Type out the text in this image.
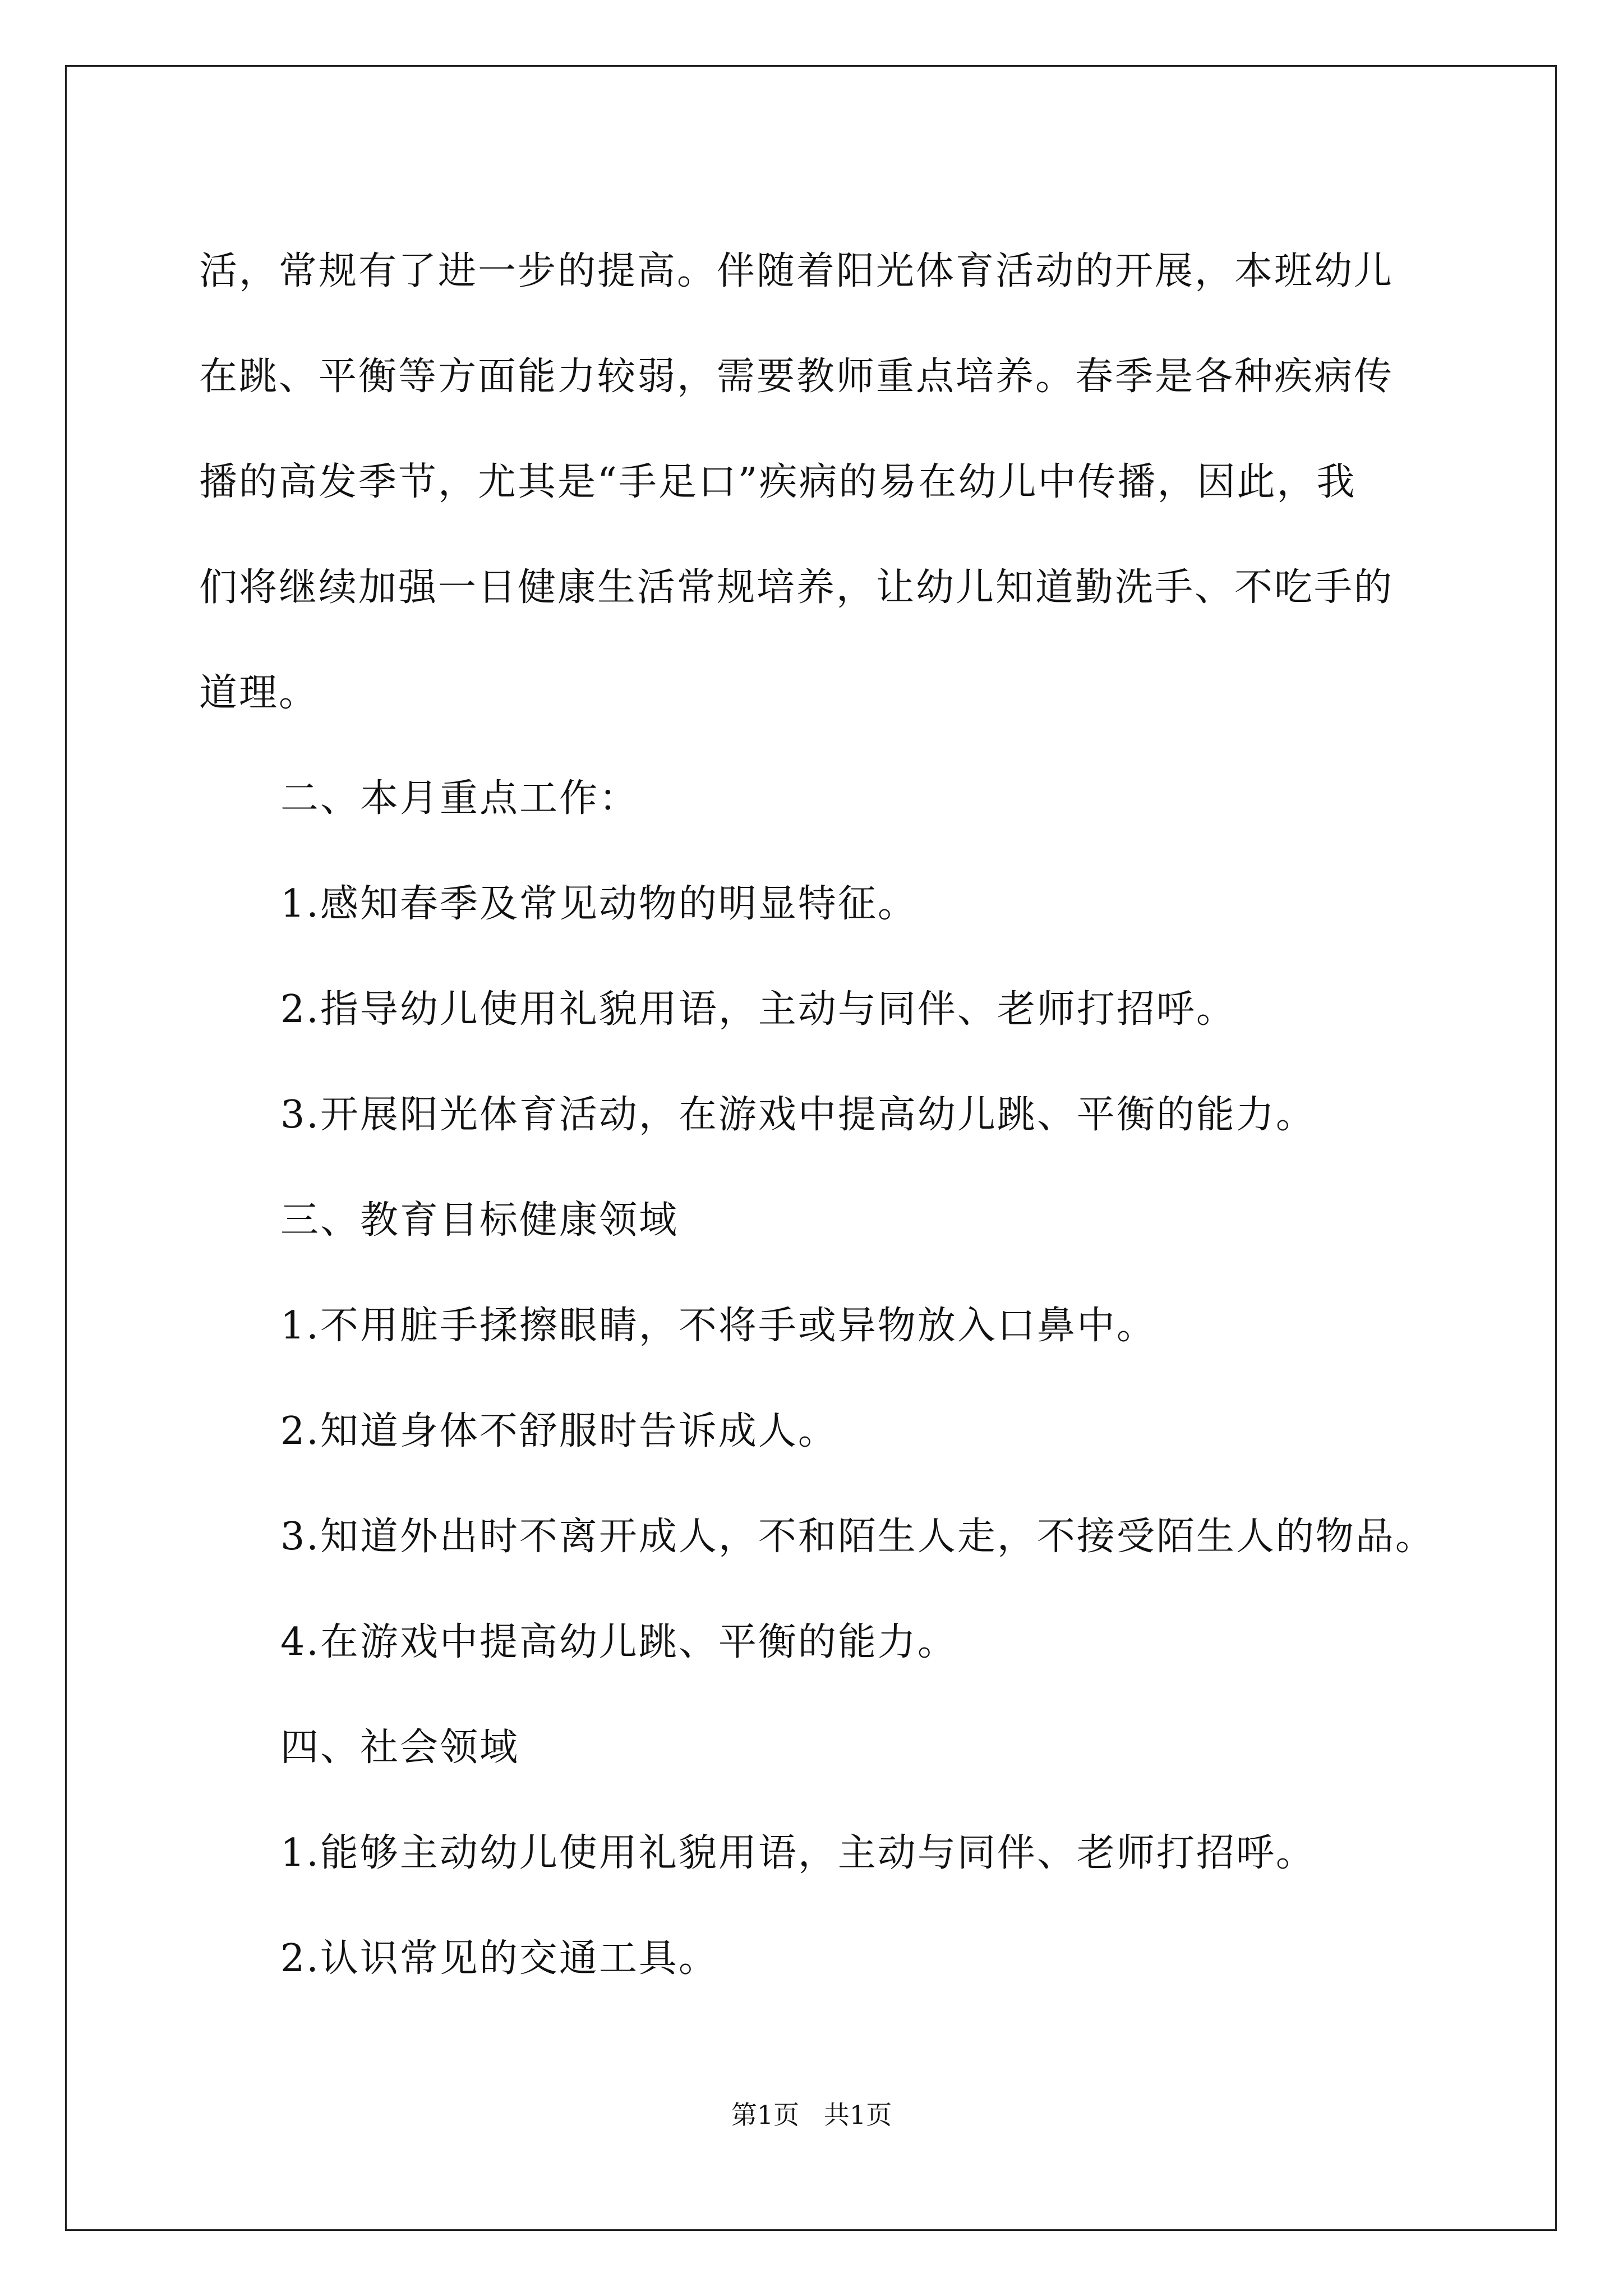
活，常规有了进一步的提高。伴随着阳光体育活动的开展，本班幼儿
在跳、平衡等方面能力较弱，需要教师重点培养。春季是各种疾病传
播的高发季节，尤其是“手足口”疾病的易在幼儿中传播，因此，我
们将继续加强一日健康生活常规培养，让幼儿知道勤洗手、不吃手的
道理。
二、本月重点工作：
1.感知春季及常见动物的明显特征。
2.指导幼儿使用礼貌用语，主动与同伴、老师打招呼。
3.开展阳光体育活动，在游戏中提高幼儿跳、平衡的能力。
三、教育目标健康领域
1.不用脏手揉擦眼睛，不将手或异物放入口鼻中。
2.知道身体不舒服时告诉成人。
3.知道外出时不离开成人，不和陌生人走，不接受陌生人的物品。
4.在游戏中提高幼儿跳、平衡的能力。
四、社会领域
1.能够主动幼儿使用礼貌用语，主动与同伴、老师打招呼。
2.认识常见的交通工具。
第1页   共1页
